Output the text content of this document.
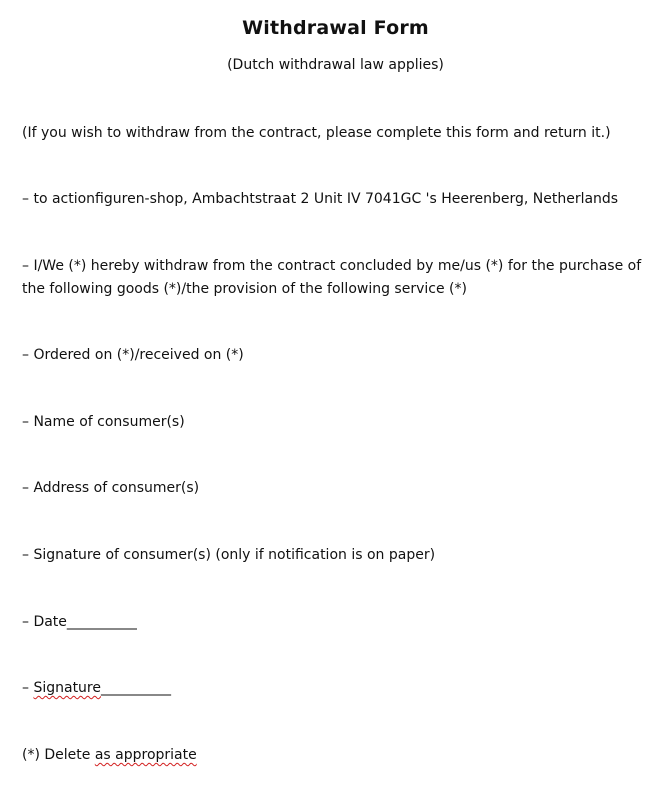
Withdrawal Form
(Dutch withdrawal law applies)
(If you wish to withdraw from the contract, please complete this form and return it.)
– to actionfiguren-shop, Ambachtstraat 2 Unit IV 7041GC 's Heerenberg, Netherlands
– I/We (*) hereby withdraw from the contract concluded by me/us (*) for the purchase of the following goods (*)/the provision of the following service (*)
– Ordered on (*)/received on (*)
– Name of consumer(s)
– Address of consumer(s)
– Signature of consumer(s) (only if notification is on paper)
– Date__________
– Signature__________
(*) Delete as appropriate
